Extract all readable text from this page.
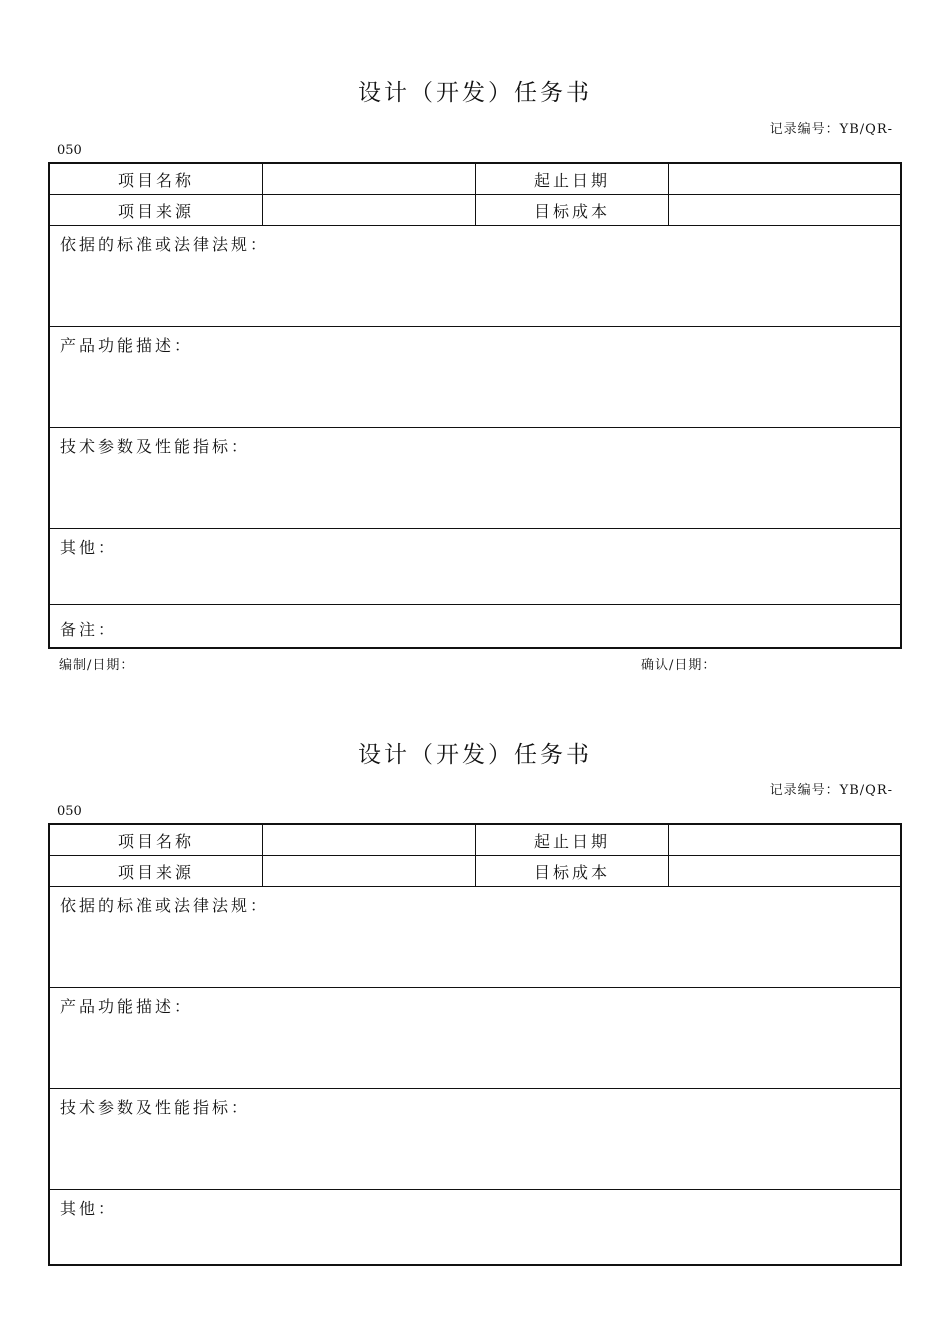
设计（开发）任务书
记录编号：YB/QR-
050
项目名称	起止日期
项目来源	目标成本
依据的标准或法律法规：
产品功能描述：
技术参数及性能指标：
其他：
备注：
编制/日期：	确认/日期：
设计（开发）任务书
记录编号：YB/QR-
050
项目名称	起止日期
项目来源	目标成本
依据的标准或法律法规：
产品功能描述：
技术参数及性能指标：
其他：
